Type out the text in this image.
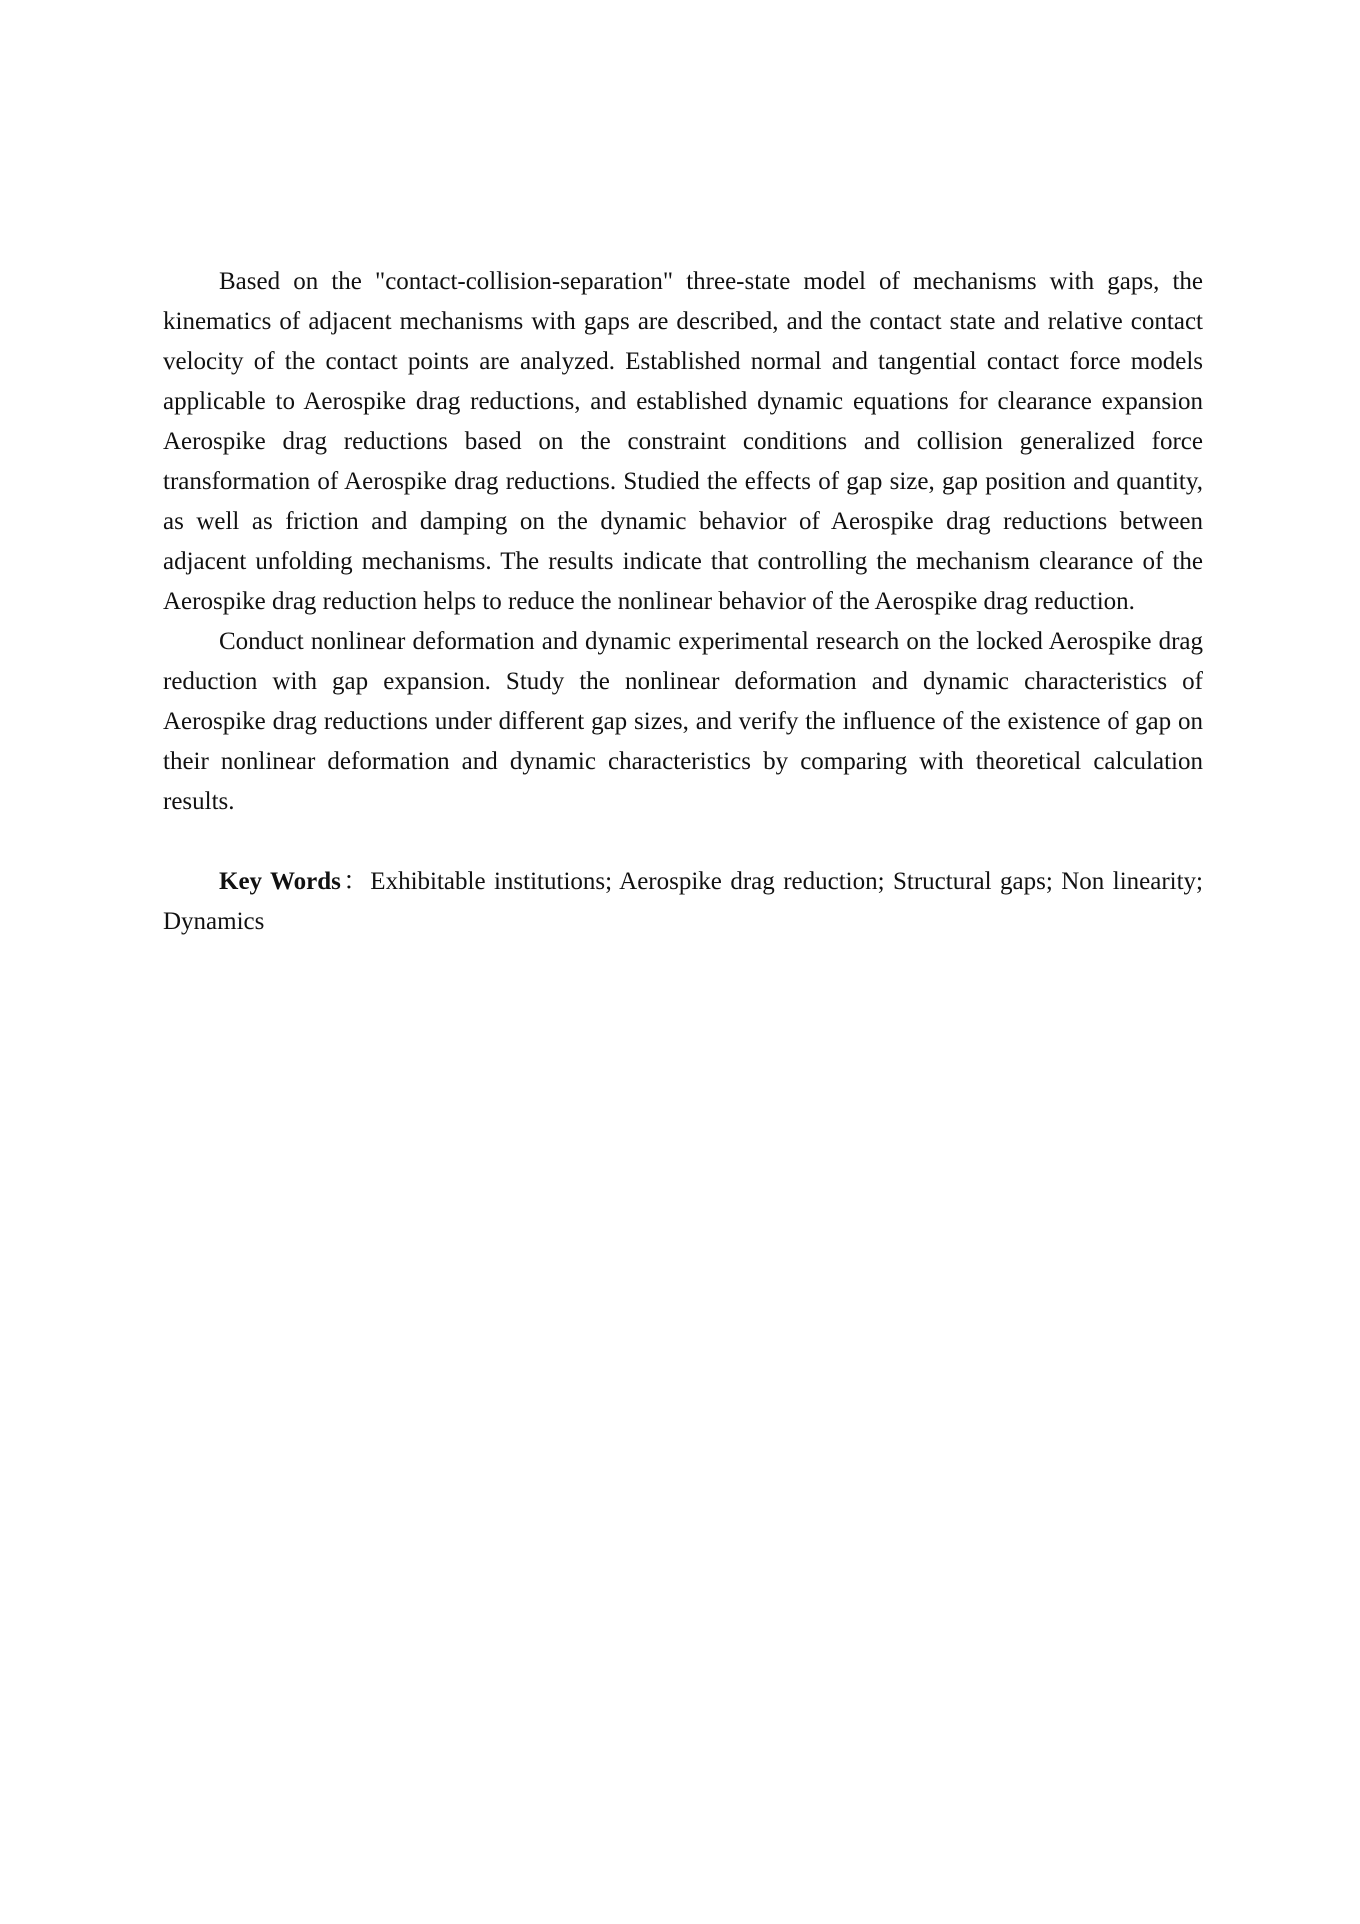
Based on the "contact-collision-separation" three-state model of mechanisms with gaps, the kinematics of adjacent mechanisms with gaps are described, and the contact state and relative contact velocity of the contact points are analyzed. Established normal and tangential contact force models applicable to Aerospike drag reductions, and established dynamic equations for clearance expansion Aerospike drag reductions based on the constraint conditions and collision generalized force transformation of Aerospike drag reductions. Studied the effects of gap size, gap position and quantity, as well as friction and damping on the dynamic behavior of Aerospike drag reductions between adjacent unfolding mechanisms. The results indicate that controlling the mechanism clearance of the Aerospike drag reduction helps to reduce the nonlinear behavior of the Aerospike drag reduction.

Conduct nonlinear deformation and dynamic experimental research on the locked Aerospike drag reduction with gap expansion. Study the nonlinear deformation and dynamic characteristics of Aerospike drag reductions under different gap sizes, and verify the influence of the existence of gap on their nonlinear deformation and dynamic characteristics by comparing with theoretical calculation results.

Key Words：Exhibitable institutions; Aerospike drag reduction; Structural gaps; Non linearity; Dynamics
